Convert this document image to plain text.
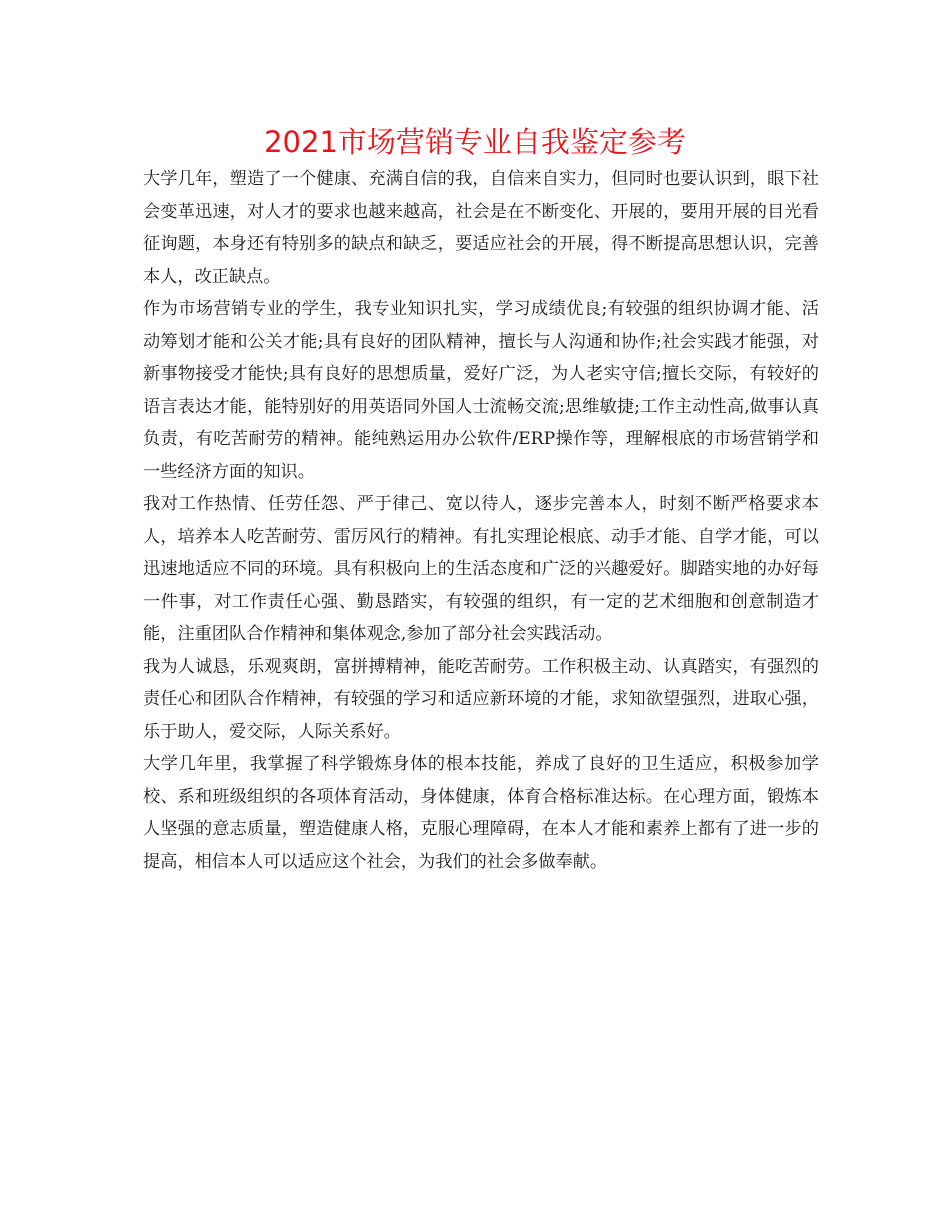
2021市场营销专业自我鉴定参考

大学几年，塑造了一个健康、充满自信的我，自信来自实力，但同时也要认识到，眼下社会变革迅速，对人才的要求也越来越高，社会是在不断变化、开展的，要用开展的目光看征询题，本身还有特别多的缺点和缺乏，要适应社会的开展，得不断提高思想认识，完善本人，改正缺点。

作为市场营销专业的学生，我专业知识扎实，学习成绩优良;有较强的组织协调才能、活动筹划才能和公关才能;具有良好的团队精神，擅长与人沟通和协作;社会实践才能强，对新事物接受才能快;具有良好的思想质量，爱好广泛，为人老实守信;擅长交际，有较好的语言表达才能，能特别好的用英语同外国人士流畅交流;思维敏捷;工作主动性高,做事认真负责，有吃苦耐劳的精神。能纯熟运用办公软件/ERP操作等，理解根底的市场营销学和一些经济方面的知识。

我对工作热情、任劳任怨、严于律己、宽以待人，逐步完善本人，时刻不断严格要求本人，培养本人吃苦耐劳、雷厉风行的精神。有扎实理论根底、动手才能、自学才能，可以迅速地适应不同的环境。具有积极向上的生活态度和广泛的兴趣爱好。脚踏实地的办好每一件事，对工作责任心强、勤恳踏实，有较强的组织，有一定的艺术细胞和创意制造才能，注重团队合作精神和集体观念,参加了部分社会实践活动。

我为人诚恳，乐观爽朗，富拼搏精神，能吃苦耐劳。工作积极主动、认真踏实，有强烈的责任心和团队合作精神，有较强的学习和适应新环境的才能，求知欲望强烈，进取心强，乐于助人，爱交际，人际关系好。

大学几年里，我掌握了科学锻炼身体的根本技能，养成了良好的卫生适应，积极参加学校、系和班级组织的各项体育活动，身体健康，体育合格标准达标。在心理方面，锻炼本人坚强的意志质量，塑造健康人格，克服心理障碍，在本人才能和素养上都有了进一步的提高，相信本人可以适应这个社会，为我们的社会多做奉献。
